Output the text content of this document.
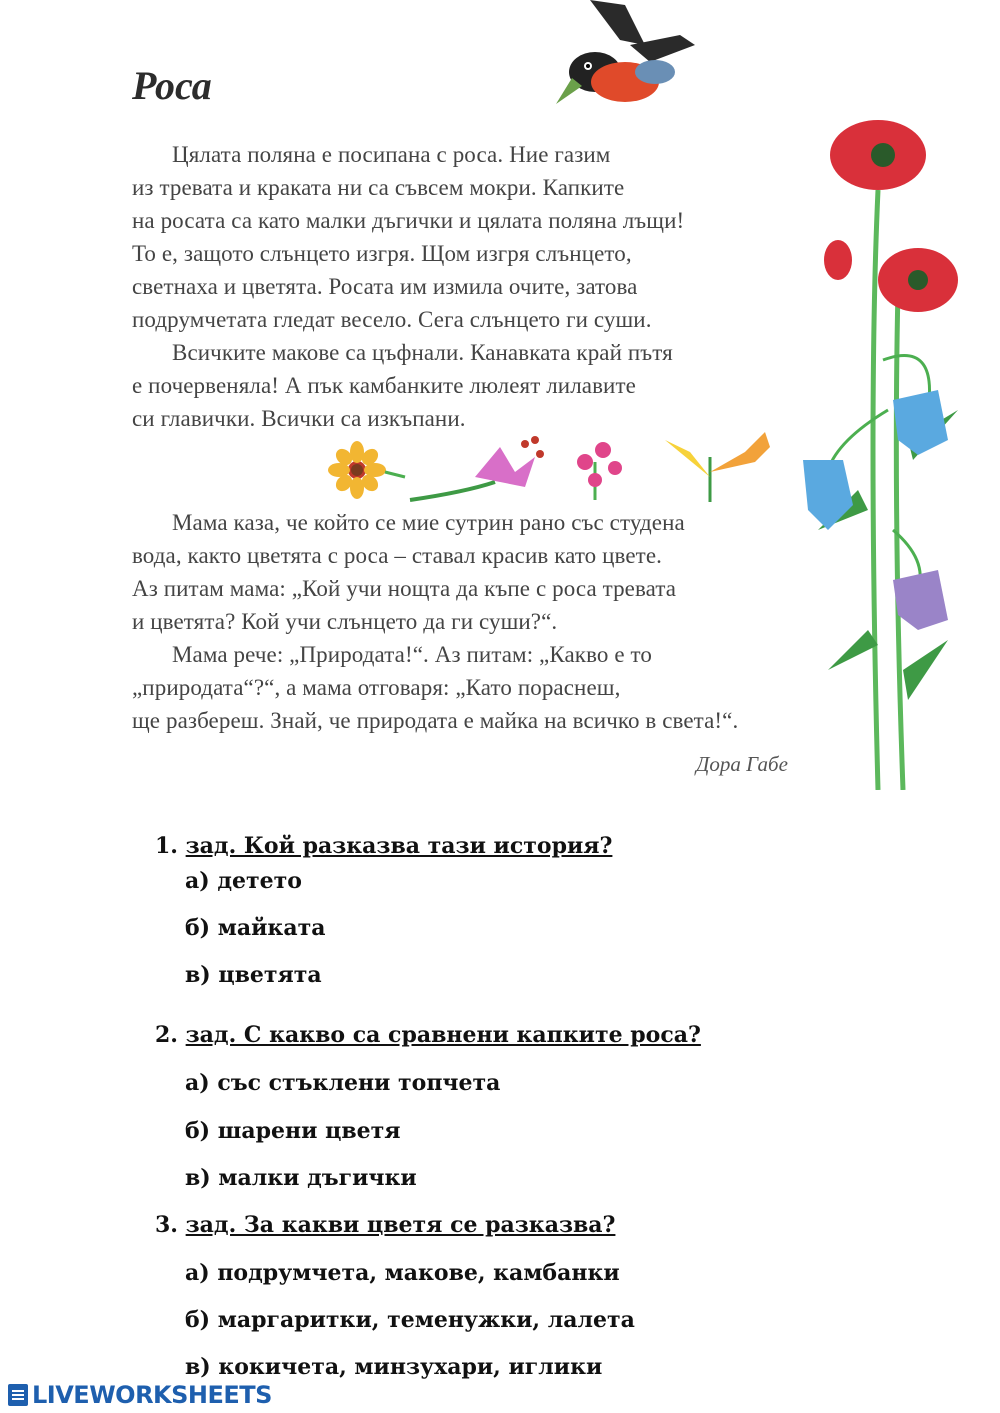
Роса
Цялата поляна е посипана с роса. Ние газим
из тревата и краката ни са съвсем мокри. Капките
на росата са като малки дъгички и цялата поляна лъщи!
То е, защото слънцето изгря. Щом изгря слънцето,
светнаха и цветята. Росата им измила очите, затова
подрумчетата гледат весело. Сега слънцето ги суши.
Всичките макове са цъфнали. Канавката край пътя
е почервеняла! А пък камбанките люлеят лилавите
си главички. Всички са изкъпани.
Мама каза, че който се мие сутрин рано със студена
вода, както цветята с роса – ставал красив като цвете.
Аз питам мама: „Кой учи нощта да къпе с роса тревата
и цветята? Кой учи слънцето да ги суши?“.
Мама рече: „Природата!“. Аз питам: „Какво е то
„природата“?“, а мама отговаря: „Като пораснеш,
ще разбереш. Знай, че природата е майка на всичко в света!“.
Дора Габе
1. зад. Кой разказва тази история?
а) детето
б) майката
в) цветята
2. зад. С какво са сравнени капките роса?
а) със стъклени топчета
б) шарени цветя
в) малки дъгички
3. зад. За какви цветя се разказва?
а) подрумчета, макове, камбанки
б) маргаритки, теменужки, лалета
в) кокичета, минзухари, иглики
LIVEWORKSHEETS
